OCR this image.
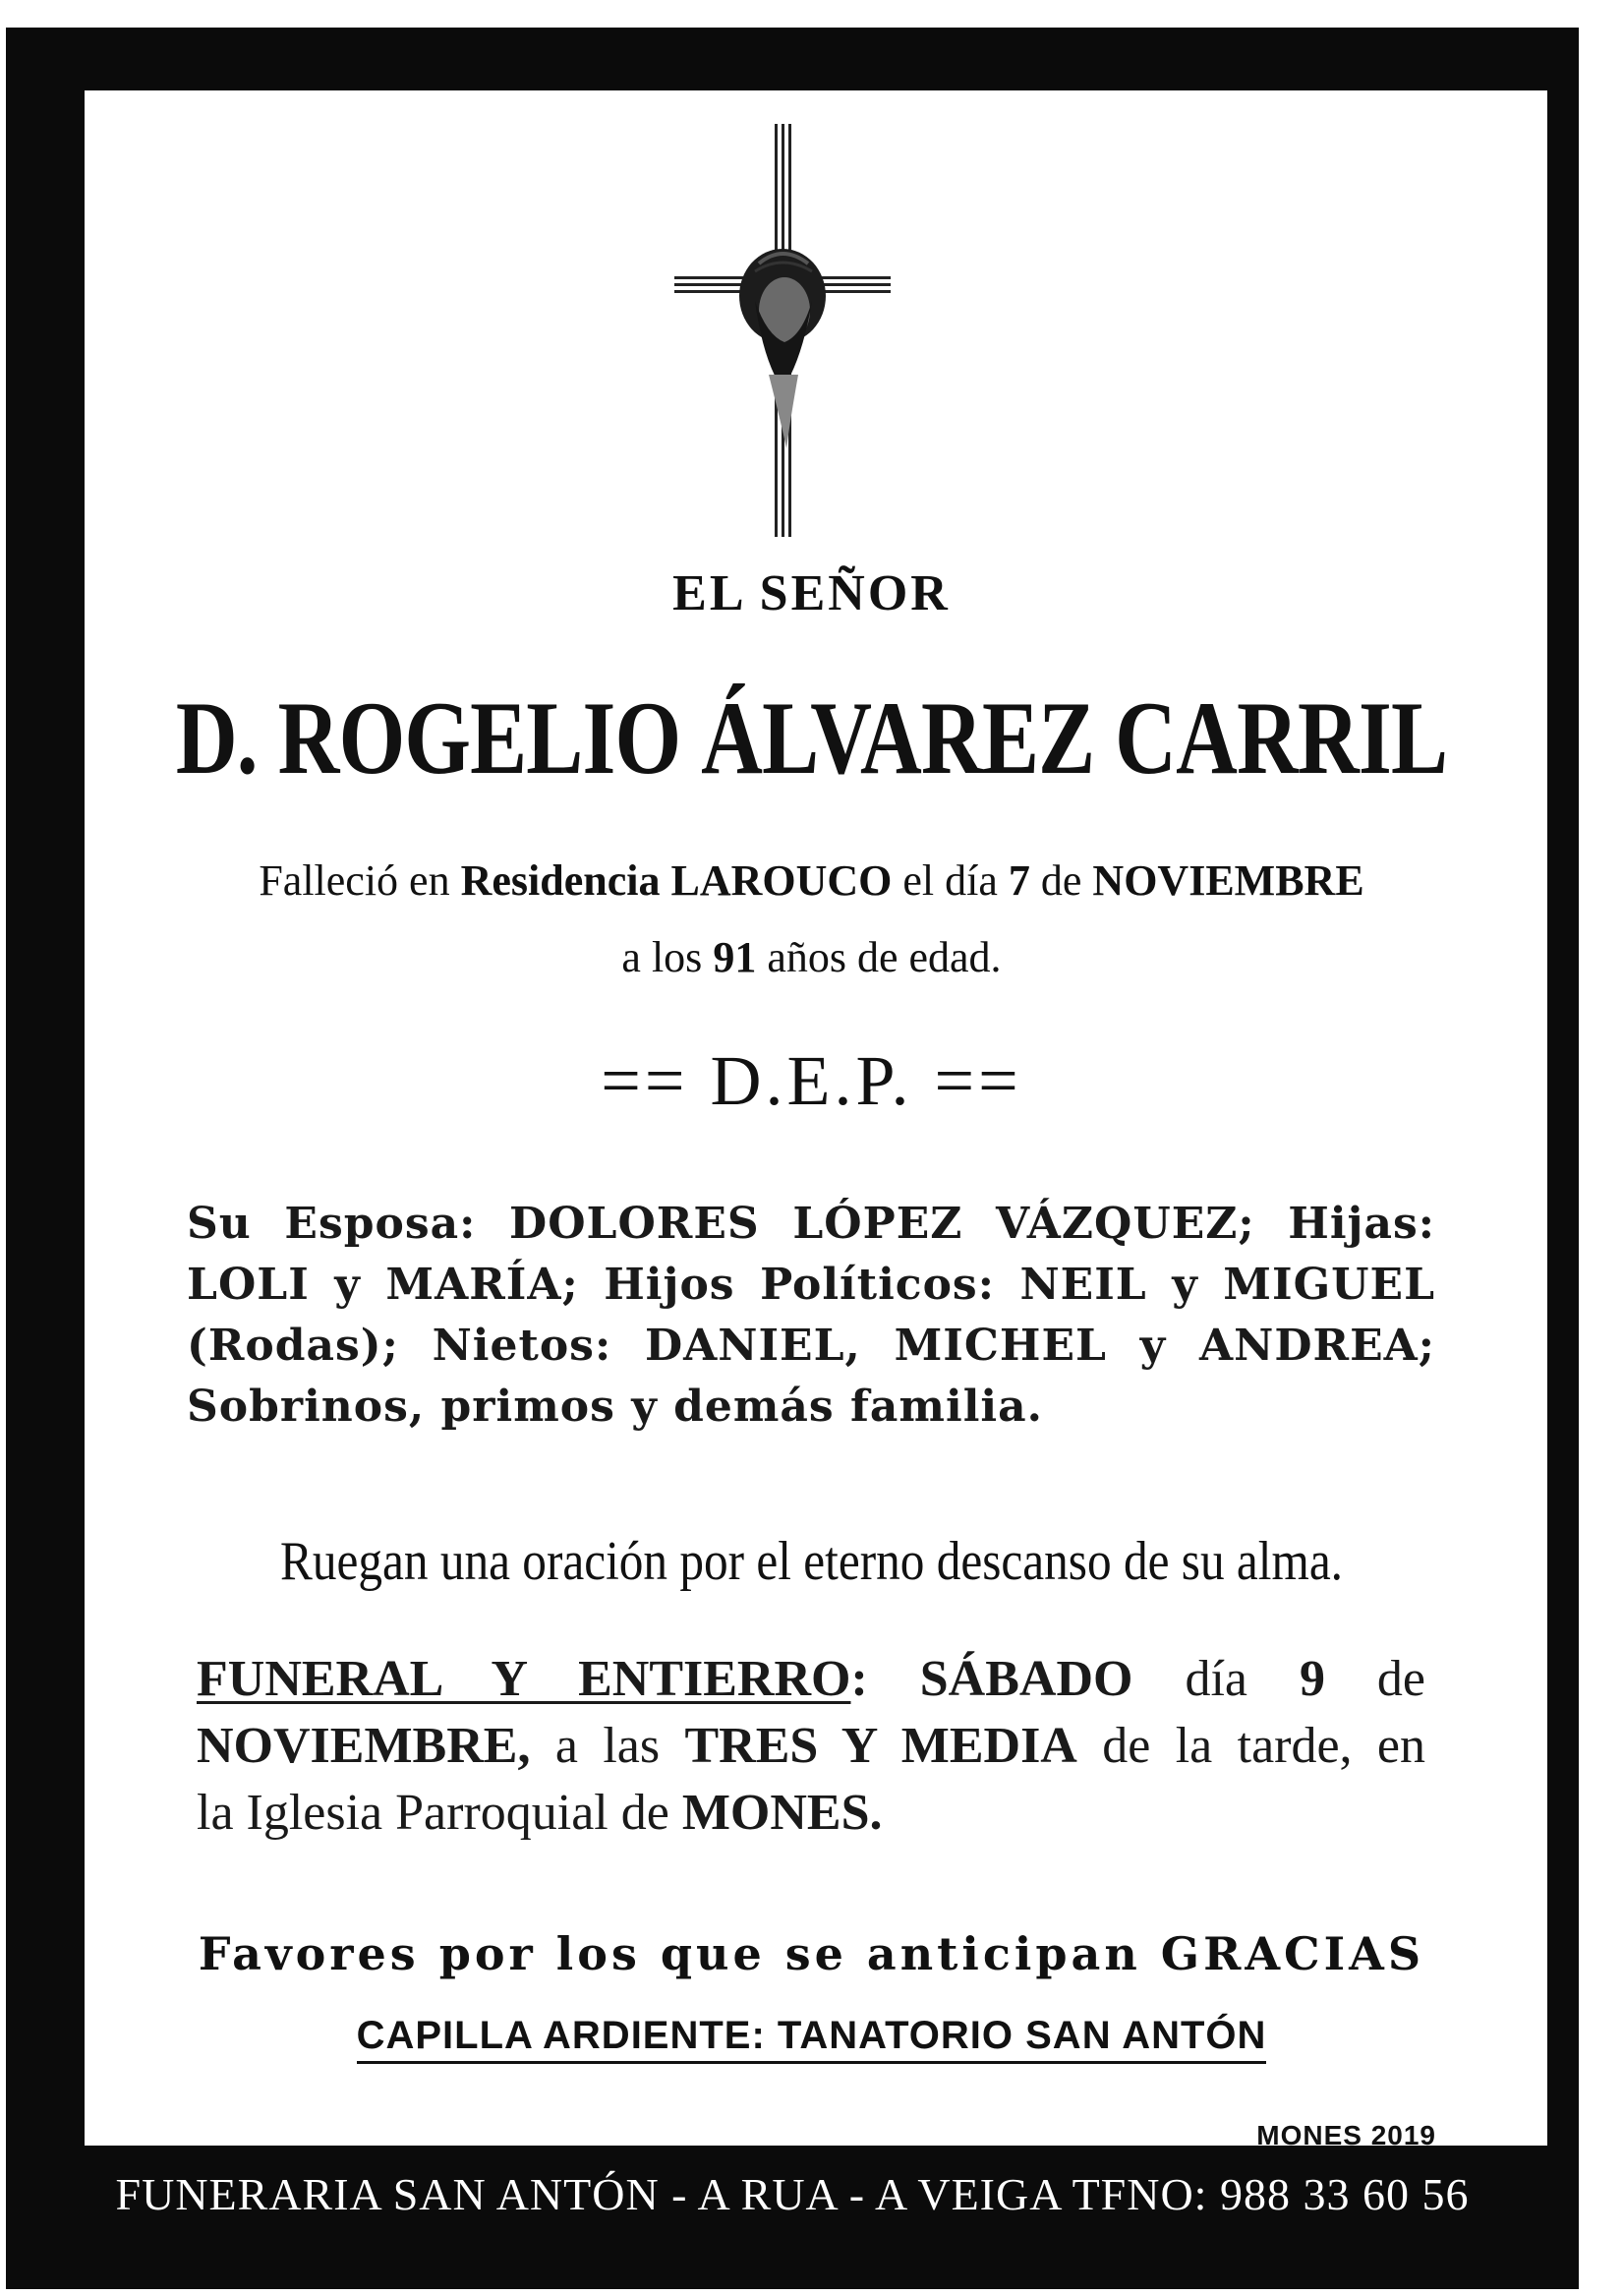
EL SEÑOR
D. ROGELIO ÁLVAREZ CARRIL
Falleció en Residencia LAROUCO el día 7 de NOVIEMBRE
a los 91 años de edad.
== D.E.P. ==
Su Esposa: DOLORES LÓPEZ VÁZQUEZ; Hijas:
LOLI y MARÍA; Hijos Políticos: NEIL y MIGUEL
(Rodas); Nietos: DANIEL, MICHEL y ANDREA;
Sobrinos, primos y demás familia.
Ruegan una oración por el eterno descanso de su alma.
FUNERAL Y ENTIERRO: SÁBADO día 9 de
NOVIEMBRE, a las TRES Y MEDIA de la tarde, en
la Iglesia Parroquial de MONES.
Favores por los que se anticipan GRACIAS
CAPILLA ARDIENTE: TANATORIO SAN ANTÓN
MONES 2019
FUNERARIA SAN ANTÓN - A RUA - A VEIGA TFNO: 988 33 60 56
